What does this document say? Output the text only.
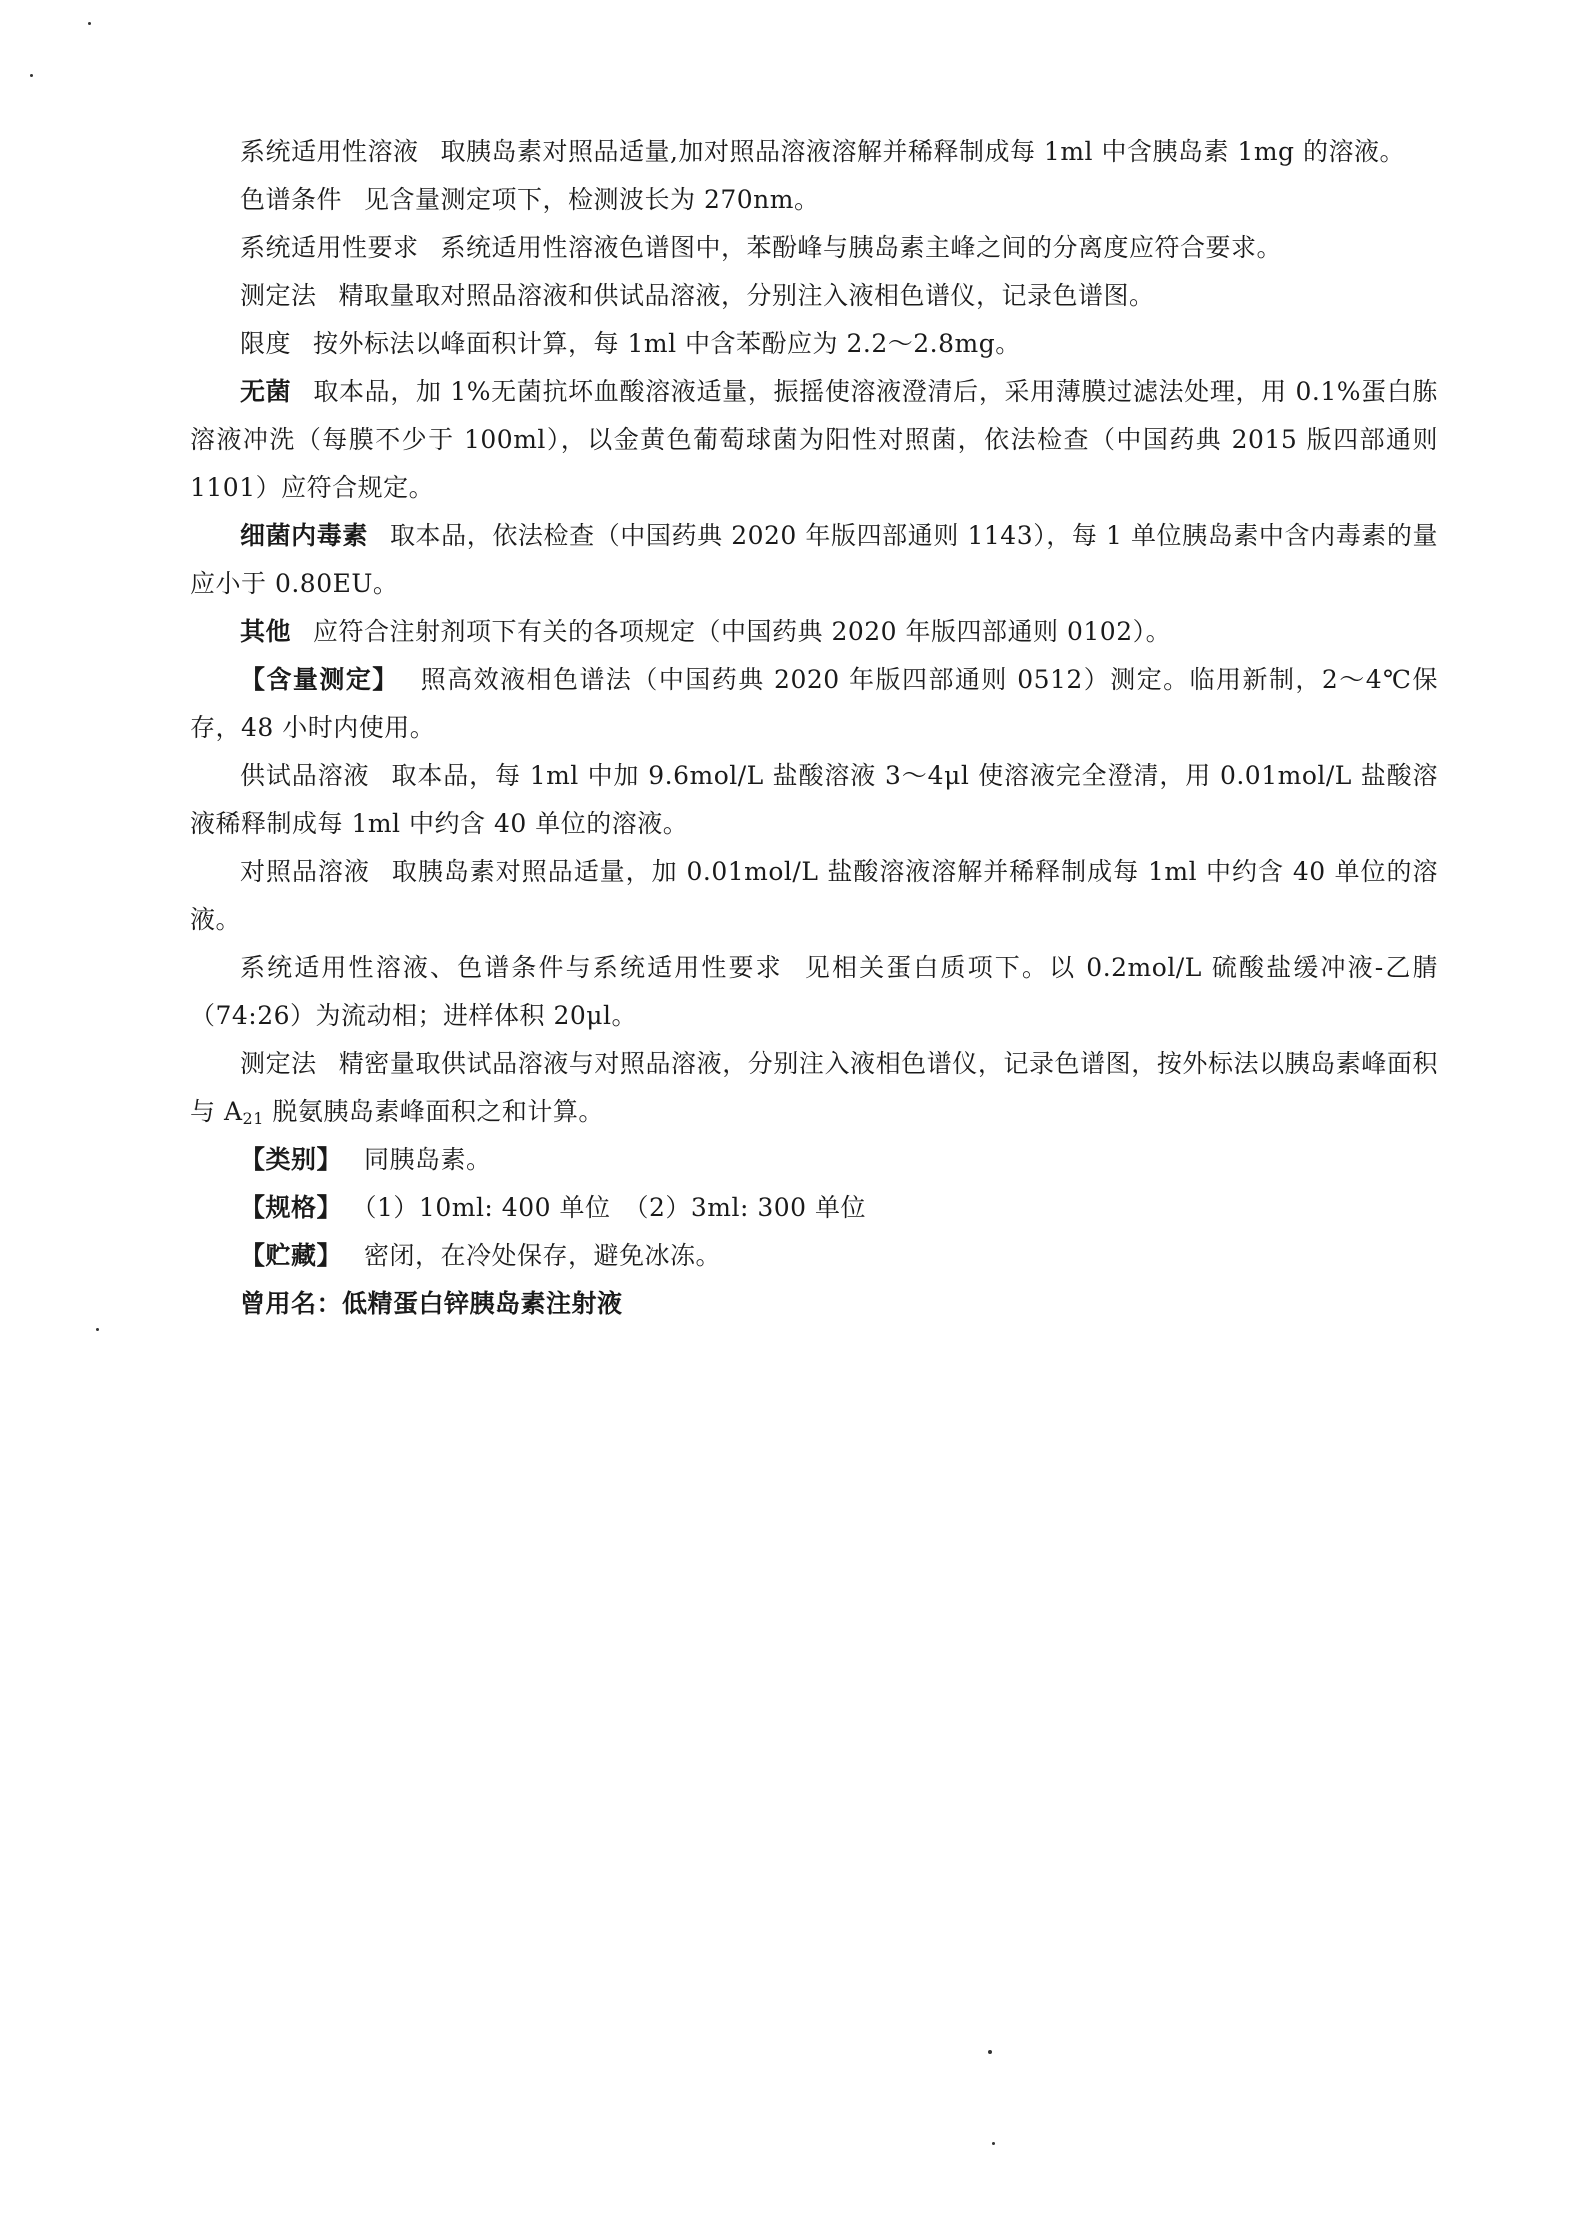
系统适用性溶液 取胰岛素对照品适量,加对照品溶液溶解并稀释制成每 1ml 中含胰岛素 1mg 的溶液。

色谱条件 见含量测定项下，检测波长为 270nm。

系统适用性要求 系统适用性溶液色谱图中，苯酚峰与胰岛素主峰之间的分离度应符合要求。

测定法 精取量取对照品溶液和供试品溶液，分别注入液相色谱仪，记录色谱图。

限度 按外标法以峰面积计算，每 1ml 中含苯酚应为 2.2～2.8mg。

无菌 取本品，加 1%无菌抗坏血酸溶液适量，振摇使溶液澄清后，采用薄膜过滤法处理，用 0.1%蛋白胨溶液冲洗（每膜不少于 100ml），以金黄色葡萄球菌为阳性对照菌，依法检查（中国药典 2015 版四部通则 1101）应符合规定。

细菌内毒素 取本品，依法检查（中国药典 2020 年版四部通则 1143），每 1 单位胰岛素中含内毒素的量应小于 0.80EU。

其他 应符合注射剂项下有关的各项规定（中国药典 2020 年版四部通则 0102）。

【含量测定】 照高效液相色谱法（中国药典 2020 年版四部通则 0512）测定。临用新制，2～4℃保存，48 小时内使用。

供试品溶液 取本品，每 1ml 中加 9.6mol/L 盐酸溶液 3～4μl 使溶液完全澄清，用 0.01mol/L 盐酸溶液稀释制成每 1ml 中约含 40 单位的溶液。

对照品溶液 取胰岛素对照品适量，加 0.01mol/L 盐酸溶液溶解并稀释制成每 1ml 中约含 40 单位的溶液。

系统适用性溶液、色谱条件与系统适用性要求 见相关蛋白质项下。以 0.2mol/L 硫酸盐缓冲液-乙腈（74:26）为流动相；进样体积 20μl。

测定法 精密量取供试品溶液与对照品溶液，分别注入液相色谱仪，记录色谱图，按外标法以胰岛素峰面积与 $A_{21}$ 脱氨胰岛素峰面积之和计算。

【类别】 同胰岛素。

【规格】 （1）10ml: 400 单位　（2）3ml: 300 单位

【贮藏】 密闭，在冷处保存，避免冰冻。

曾用名：低精蛋白锌胰岛素注射液
